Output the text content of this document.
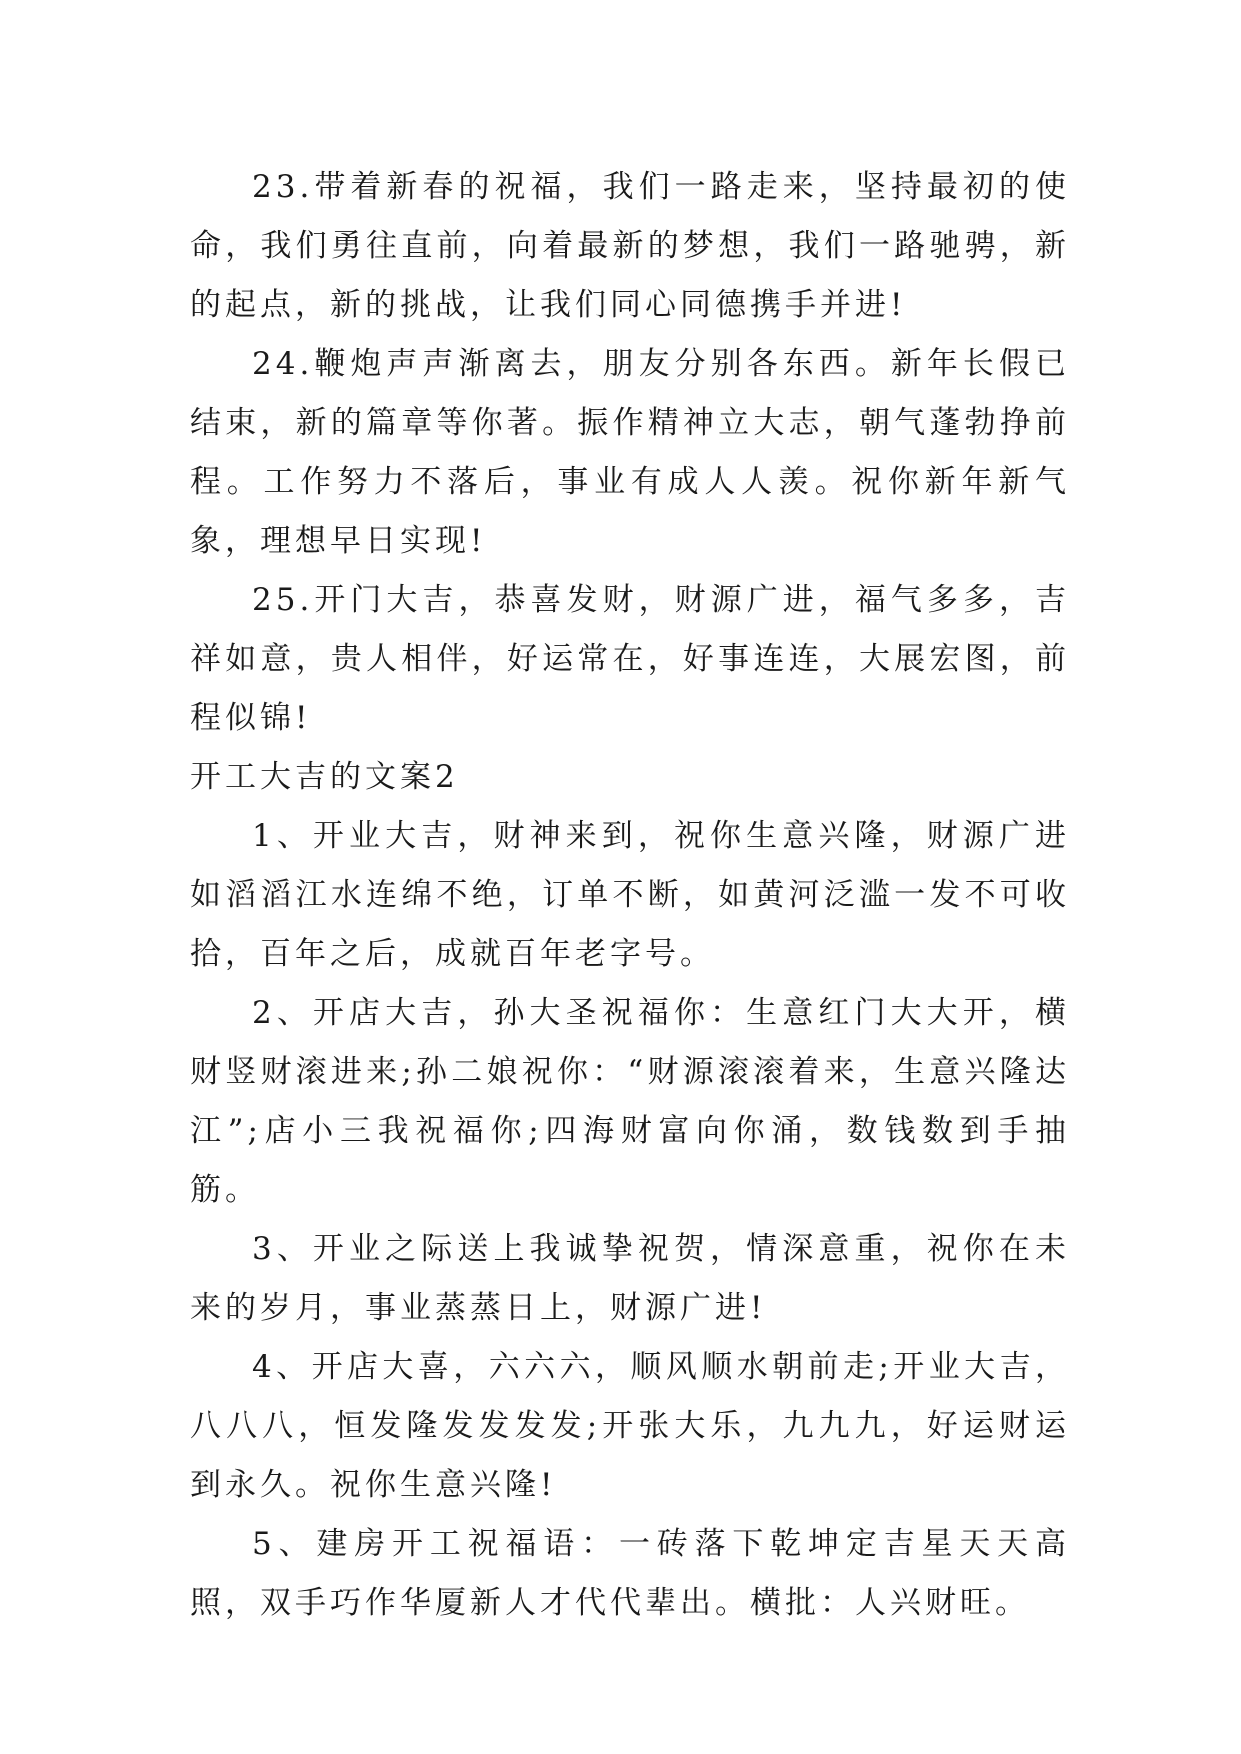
23.带着新春的祝福，我们一路走来，坚持最初的使命，我们勇往直前，向着最新的梦想，我们一路驰骋，新的起点，新的挑战，让我们同心同德携手并进!

24.鞭炮声声渐离去，朋友分别各东西。新年长假已结束，新的篇章等你著。振作精神立大志，朝气蓬勃挣前程。工作努力不落后，事业有成人人羡。祝你新年新气象，理想早日实现!

25.开门大吉，恭喜发财，财源广进，福气多多，吉祥如意，贵人相伴，好运常在，好事连连，大展宏图，前程似锦!

开工大吉的文案2

1、开业大吉，财神来到，祝你生意兴隆，财源广进如滔滔江水连绵不绝，订单不断，如黄河泛滥一发不可收拾，百年之后，成就百年老字号。

2、开店大吉，孙大圣祝福你：生意红门大大开，横财竖财滚进来;孙二娘祝你：“财源滚滚着来，生意兴隆达江”;店小三我祝福你;四海财富向你涌，数钱数到手抽筋。

3、开业之际送上我诚挚祝贺，情深意重，祝你在未来的岁月，事业蒸蒸日上，财源广进!

4、开店大喜，六六六，顺风顺水朝前走;开业大吉，八八八，恒发隆发发发发;开张大乐，九九九，好运财运到永久。祝你生意兴隆!

5、建房开工祝福语：一砖落下乾坤定吉星天天高照，双手巧作华厦新人才代代辈出。横批：人兴财旺。
